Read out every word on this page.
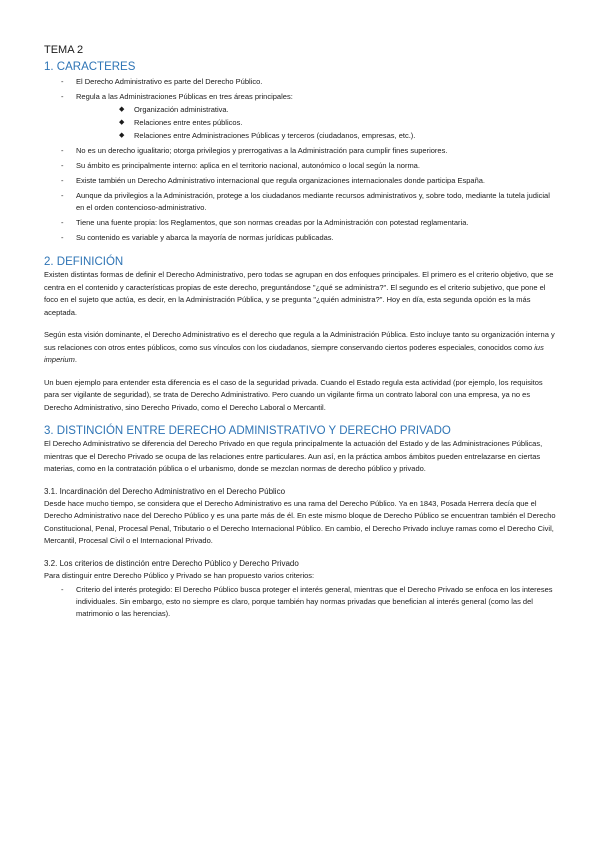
TEMA 2
1. CARACTERES
- El Derecho Administrativo es parte del Derecho Público.
- Regula a las Administraciones Públicas en tres áreas principales:
◆ Organización administrativa.
◆ Relaciones entre entes públicos.
◆ Relaciones entre Administraciones Públicas y terceros (ciudadanos, empresas, etc.).
- No es un derecho igualitario; otorga privilegios y prerrogativas a la Administración para cumplir fines superiores.
- Su ámbito es principalmente interno: aplica en el territorio nacional, autonómico o local según la norma.
- Existe también un Derecho Administrativo internacional que regula organizaciones internacionales donde participa España.
- Aunque da privilegios a la Administración, protege a los ciudadanos mediante recursos administrativos y, sobre todo, mediante la tutela judicial en el orden contencioso-administrativo.
- Tiene una fuente propia: los Reglamentos, que son normas creadas por la Administración con potestad reglamentaria.
- Su contenido es variable y abarca la mayoría de normas jurídicas publicadas.
2. DEFINICIÓN

Existen distintas formas de definir el Derecho Administrativo, pero todas se agrupan en dos enfoques principales. El primero es el criterio objetivo, que se centra en el contenido y características propias de este derecho, preguntándose "¿qué se administra?". El segundo es el criterio subjetivo, que pone el foco en el sujeto que actúa, es decir, en la Administración Pública, y se pregunta "¿quién administra?". Hoy en día, esta segunda opción es la más aceptada.

Según esta visión dominante, el Derecho Administrativo es el derecho que regula a la Administración Pública. Esto incluye tanto su organización interna y sus relaciones con otros entes públicos, como sus vínculos con los ciudadanos, siempre conservando ciertos poderes especiales, conocidos como ius imperium.

Un buen ejemplo para entender esta diferencia es el caso de la seguridad privada. Cuando el Estado regula esta actividad (por ejemplo, los requisitos para ser vigilante de seguridad), se trata de Derecho Administrativo. Pero cuando un vigilante firma un contrato laboral con una empresa, ya no es Derecho Administrativo, sino Derecho Privado, como el Derecho Laboral o Mercantil.

3. DISTINCIÓN ENTRE DERECHO ADMINISTRATIVO Y DERECHO PRIVADO

El Derecho Administrativo se diferencia del Derecho Privado en que regula principalmente la actuación del Estado y de las Administraciones Públicas, mientras que el Derecho Privado se ocupa de las relaciones entre particulares. Aun así, en la práctica ambos ámbitos pueden entrelazarse en ciertas materias, como en la contratación pública o el urbanismo, donde se mezclan normas de derecho público y privado.

3.1. Incardinación del Derecho Administrativo en el Derecho Público

Desde hace mucho tiempo, se considera que el Derecho Administrativo es una rama del Derecho Público. Ya en 1843, Posada Herrera decía que el Derecho Administrativo nace del Derecho Público y es una parte más de él. En este mismo bloque de Derecho Público se encuentran también el Derecho Constitucional, Penal, Procesal Penal, Tributario o el Derecho Internacional Público. En cambio, el Derecho Privado incluye ramas como el Derecho Civil, Mercantil, Procesal Civil o el Internacional Privado.

3.2. Los criterios de distinción entre Derecho Público y Derecho Privado

Para distinguir entre Derecho Público y Privado se han propuesto varios criterios:

- Criterio del interés protegido: El Derecho Público busca proteger el interés general, mientras que el Derecho Privado se enfoca en los intereses individuales. Sin embargo, esto no siempre es claro, porque también hay normas privadas que benefician al interés general (como las del matrimonio o las herencias).
